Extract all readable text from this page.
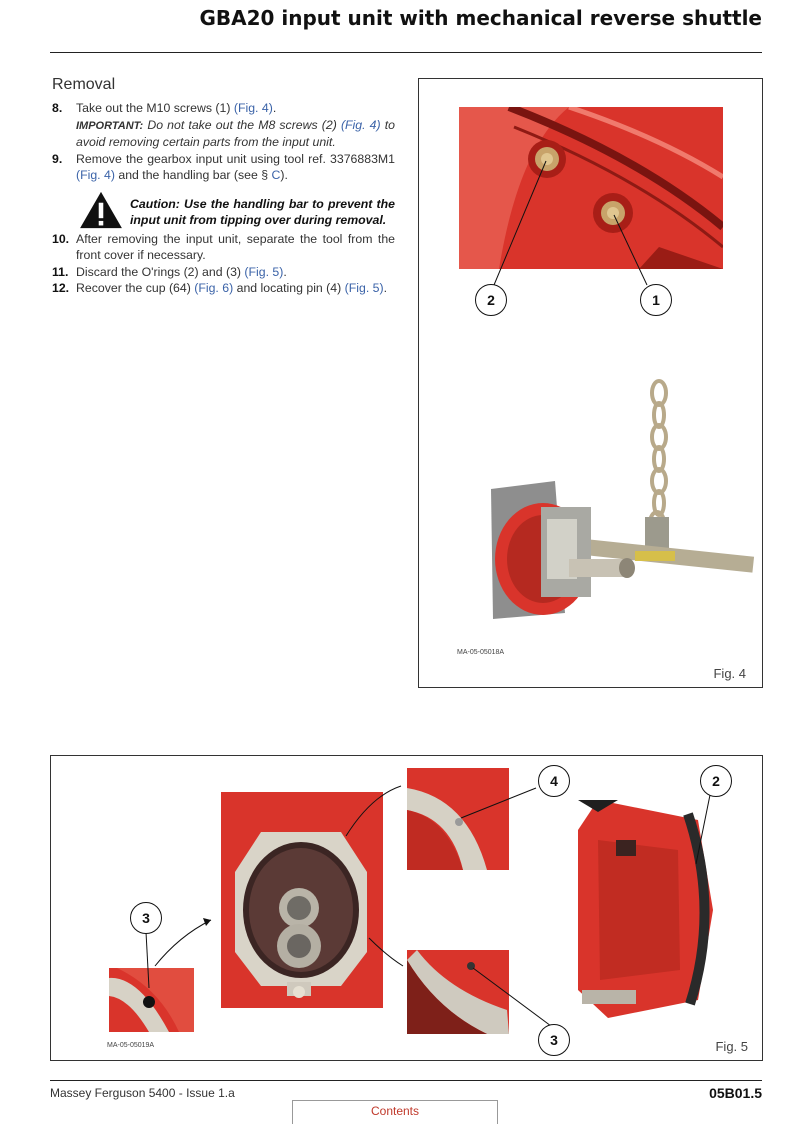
GBA20 input unit with mechanical reverse shuttle
Removal
8.	Take out the M10 screws (1) (Fig. 4).
IMPORTANT: Do not take out the M8 screws (2) (Fig. 4) to avoid removing certain parts from the input unit.
9.	Remove the gearbox input unit using tool ref. 3376883M1 (Fig. 4) and the handling bar (see § C).
Caution: Use the handling bar to prevent the input unit from tipping over during removal.
10. After removing the input unit, separate the tool from the front cover if necessary.
11. Discard the O'rings (2) and (3) (Fig. 5).
12. Recover the cup (64) (Fig. 6) and locating pin (4) (Fig. 5).
2	1
MA-05-05018A
Fig. 4
3
4	2
3
MA-05-05019A	Fig. 5
Massey Ferguson 5400 - Issue 1.a	05B01.5
Contents
